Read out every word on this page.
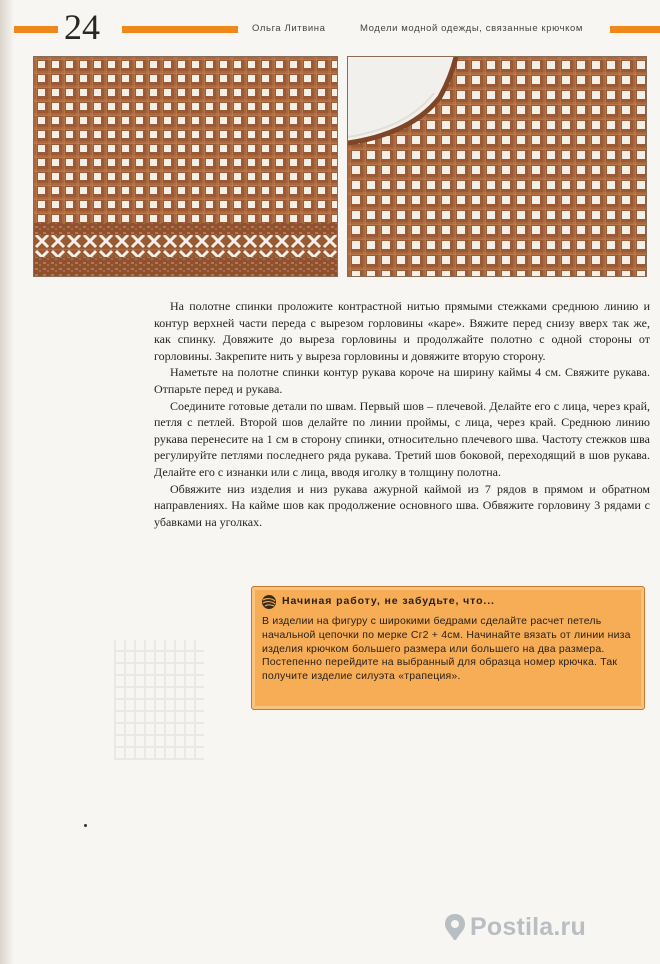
24	Ольга Литвина	Модели модной одежды, связанные крючком

На полотне спинки проложите контрастной нитью прямыми стежками среднюю линию и контур верхней части переда с вырезом горловины «каре». Вяжите перед снизу вверх так же, как спинку. Довяжите до выреза горловины и продолжайте полотно с одной стороны от горловины. Закрепите нить у выреза горловины и довяжите вторую сторону.

Наметьте на полотне спинки контур рукава короче на ширину каймы 4 см. Свяжите рукава. Отпарьте перед и рукава.

Соедините готовые детали по швам. Первый шов – плечевой. Делайте его с лица, через край, петля с петлей. Второй шов делайте по линии проймы, с лица, через край. Среднюю линию рукава перенесите на 1 см в сторону спинки, относительно плечевого шва. Частоту стежков шва регулируйте петлями последнего ряда рукава. Третий шов боковой, переходящий в шов рукава. Делайте его с изнанки или с лица, вводя иголку в толщину полотна.

Обвяжите низ изделия и низ рукава ажурной каймой из 7 рядов в прямом и обратном направлениях. На кайме шов как продолжение основного шва. Обвяжите горловину 3 рядами с убавками на уголках.

Начиная работу, не забудьте, что...
В изделии на фигуру с широкими бедрами сделайте расчет петель начальной цепочки по мерке Сг2 + 4см. Начинайте вязать от линии низа изделия крючком большего размера или большего на два размера. Постепенно перейдите на выбранный для образца номер крючка. Так получите изделие силуэта «трапеция».
Postila.ru
